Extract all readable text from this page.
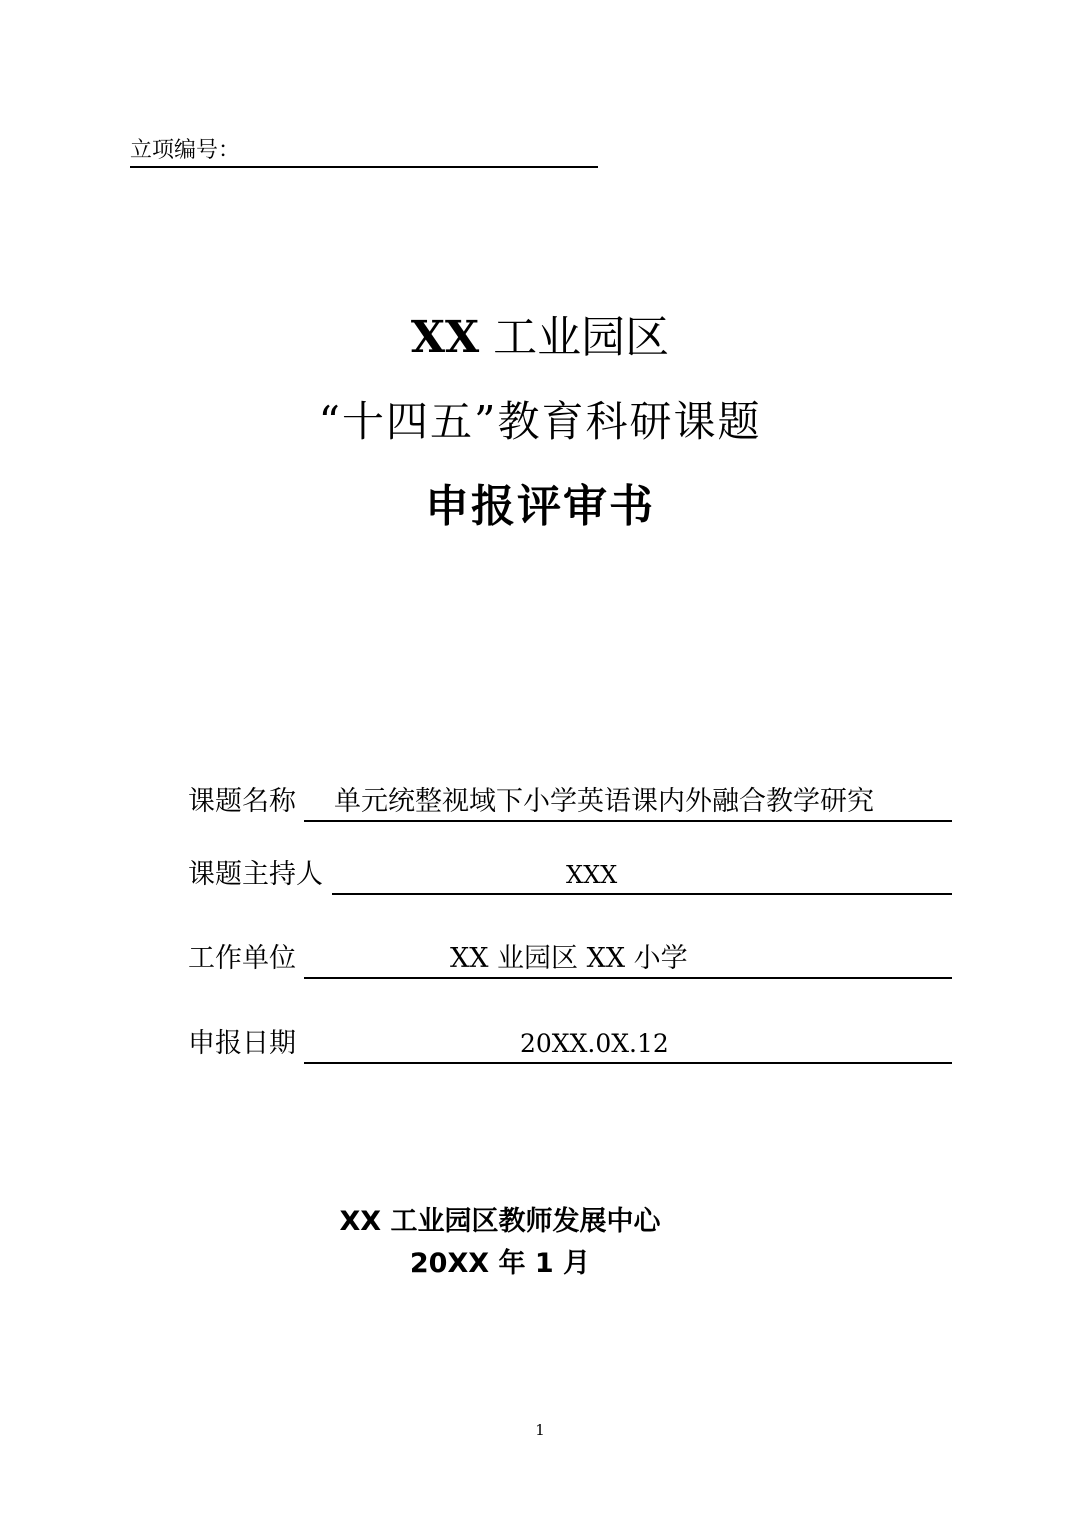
立项编号：
XX 工业园区
“十四五”教育科研课题
申报评审书
课题名称 单元统整视域下小学英语课内外融合教学研究
课题主持人	XXX
工作单位	XX 业园区 XX 小学
申报日期	20XX.0X.12
XX 工业园区教师发展中心
20XX 年 1 月
1
